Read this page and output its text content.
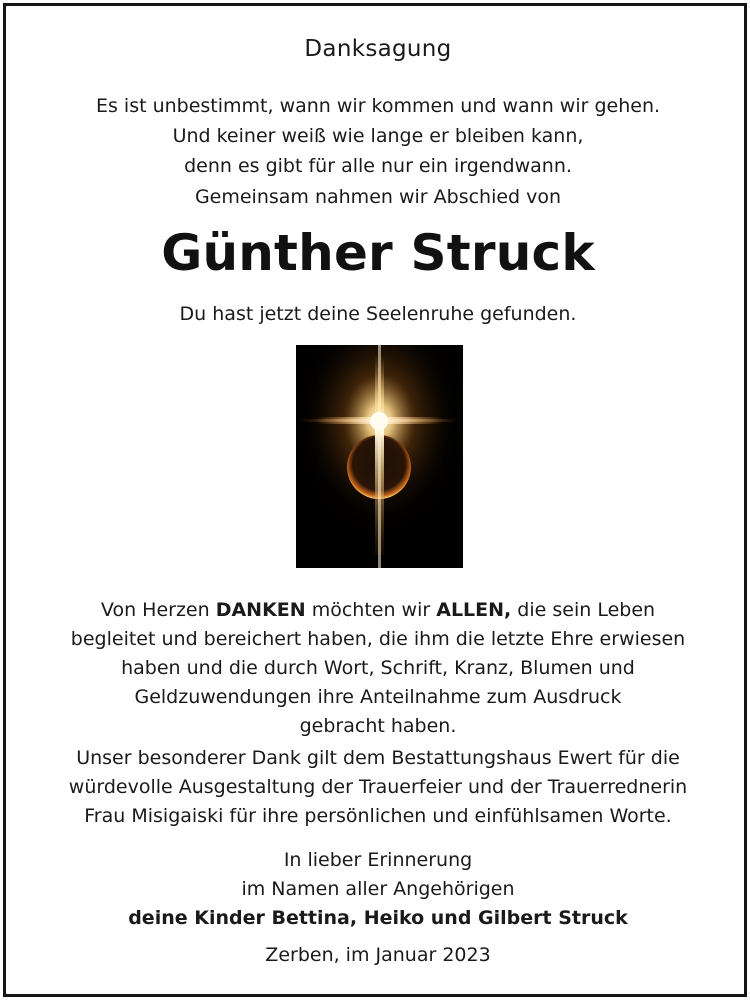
Danksagung
Es ist unbestimmt, wann wir kommen und wann wir gehen.
Und keiner weiß wie lange er bleiben kann,
denn es gibt für alle nur ein irgendwann.
Gemeinsam nahmen wir Abschied von
Günther Struck
Du hast jetzt deine Seelenruhe gefunden.
Von Herzen DANKEN möchten wir ALLEN, die sein Leben
begleitet und bereichert haben, die ihm die letzte Ehre erwiesen
haben und die durch Wort, Schrift, Kranz, Blumen und
Geldzuwendungen ihre Anteilnahme zum Ausdruck
gebracht haben.
Unser besonderer Dank gilt dem Bestattungshaus Ewert für die
würdevolle Ausgestaltung der Trauerfeier und der Trauerrednerin
Frau Misigaiski für ihre persönlichen und einfühlsamen Worte.
In lieber Erinnerung
im Namen aller Angehörigen
deine Kinder Bettina, Heiko und Gilbert Struck
Zerben, im Januar 2023
